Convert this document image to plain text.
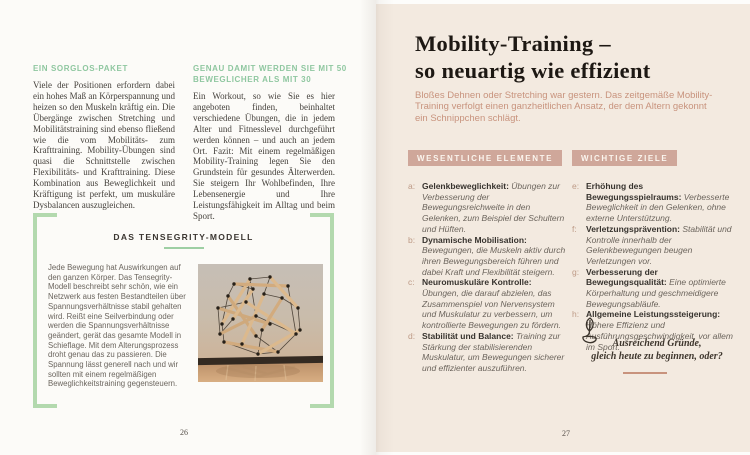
EIN SORGLOS-PAKET

Viele der Positionen erfordern dabei ein hohes Maß an Körperspannung und heizen so den Muskeln kräftig ein. Die Übergänge zwischen Stretching und Mobilitätstraining sind ebenso fließend wie die vom Mobilitäts- zum Krafttraining. Mobility-Übungen sind quasi die Schnittstelle zwischen Flexibilitäts- und Krafttraining. Diese Kombination aus Beweglichkeit und Kräftigung ist perfekt, um muskuläre Dysbalancen auszugleichen.

GENAU DAMIT WERDEN SIE MIT 50 BEWEGLICHER ALS MIT 30

Ein Workout, so wie Sie es hier angeboten finden, beinhaltet verschiedene Übungen, die in jedem Alter und Fitnesslevel durchgeführt werden können – und auch an jedem Ort. Fazit: Mit einem regelmäßigen Mobility-Training legen Sie den Grundstein für gesundes Älterwerden. Sie steigern Ihr Wohlbefinden, Ihre Lebensenergie und Ihre Leistungsfähigkeit im Alltag und beim Sport.

DAS TENSEGRITY-MODELL

Jede Bewegung hat Auswirkungen auf den ganzen Körper. Das Tensegrity-Modell beschreibt sehr schön, wie ein Netzwerk aus festen Bestandteilen über Spannungsverhältnisse stabil gehalten wird. Reißt eine Seilverbindung oder werden die Spannungsverhältnisse geändert, gerät das gesamte Modell in Schieflage. Mit dem Alterungsprozess droht genau das zu passieren. Die Spannung lässt generell nach und wir sollten mit einem regelmäßigen Beweglichkeitstraining gegensteuern.

26
Mobility-Training –
so neuartig wie effizient

Bloßes Dehnen oder Stretching war gestern. Das zeitgemäße Mobility-Training verfolgt einen ganzheitlichen Ansatz, der dem Altern gekonnt ein Schnippchen schlägt.

WESENTLICHE ELEMENTE

a: Gelenkbeweglichkeit: Übungen zur Verbesserung der Bewegungsreichweite in den Gelenken, zum Beispiel der Schultern und Hüften.

b: Dynamische Mobilisation: Bewegungen, die Muskeln aktiv durch ihren Bewegungsbereich führen und dabei Kraft und Flexibilität steigern.

c: Neuromuskuläre Kontrolle: Übungen, die darauf abzielen, das Zusammenspiel von Nervensystem und Muskulatur zu verbessern, um kontrollierte Bewegungen zu fördern.

d: Stabilität und Balance: Training zur Stärkung der stabilisierenden Muskulatur, um Bewegungen sicherer und effizienter auszuführen.

WICHTIGE ZIELE

e: Erhöhung des Bewegungsspielraums: Verbesserte Beweglichkeit in den Gelenken, ohne externe Unterstützung.

f: Verletzungsprävention: Stabilität und Kontrolle innerhalb der Gelenkbewegungen beugen Verletzungen vor.

g: Verbesserung der Bewegungsqualität: Eine optimierte Körperhaltung und geschmeidigere Bewegungsabläufe.

h: Allgemeine Leistungssteigerung: Höhere Effizienz und Ausführungsgeschwindigkeit, vor allem im Sport.

Ausreichend Gründe,
gleich heute zu beginnen, oder?
27
